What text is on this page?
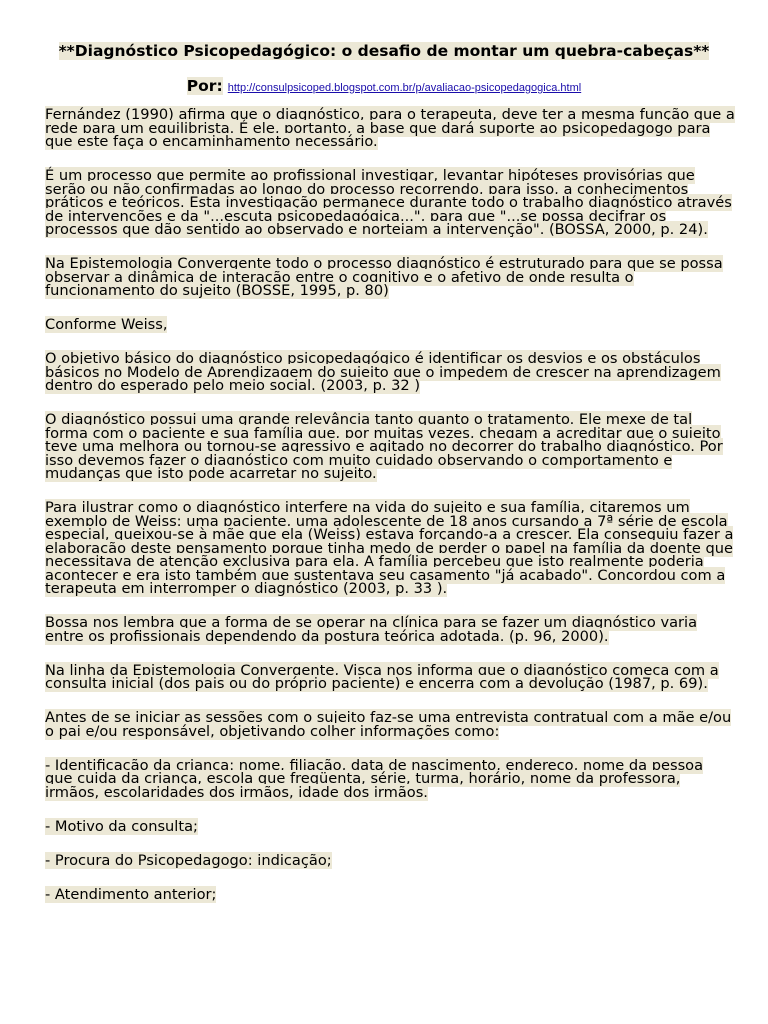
**Diagnóstico Psicopedagógico: o desafio de montar um quebra-cabeças**
Por: http://consulpsicoped.blogspot.com.br/p/avaliacao-psicopedagogica.html

Fernández (1990) afirma que o diagnóstico, para o terapeuta, deve ter a mesma função que a rede para um equilibrista. É ele, portanto, a base que dará suporte ao psicopedagogo para que este faça o encaminhamento necessário.

É um processo que permite ao profissional investigar, levantar hipóteses provisórias que serão ou não confirmadas ao longo do processo recorrendo, para isso, a conhecimentos práticos e teóricos. Esta investigação permanece durante todo o trabalho diagnóstico através de intervenções e da "...escuta psicopedagógica...", para que "...se possa decifrar os processos que dão sentido ao observado e norteiam a intervenção". (BOSSA, 2000, p. 24).

Na Epistemologia Convergente todo o processo diagnóstico é estruturado para que se possa observar a dinâmica de interação entre o cognitivo e o afetivo de onde resulta o funcionamento do sujeito (BOSSE, 1995, p. 80)

Conforme Weiss,

O objetivo básico do diagnóstico psicopedagógico é identificar os desvios e os obstáculos básicos no Modelo de Aprendizagem do sujeito que o impedem de crescer na aprendizagem dentro do esperado pelo meio social. (2003, p. 32 )

O diagnóstico possui uma grande relevância tanto quanto o tratamento. Ele mexe de tal forma com o paciente e sua família que, por muitas vezes, chegam a acreditar que o sujeito teve uma melhora ou tornou-se agressivo e agitado no decorrer do trabalho diagnóstico. Por isso devemos fazer o diagnóstico com muito cuidado observando o comportamento e mudanças que isto pode acarretar no sujeito.

Para ilustrar como o diagnóstico interfere na vida do sujeito e sua família, citaremos um exemplo de Weiss: uma paciente, uma adolescente de 18 anos cursando a 7ª série de escola especial, queixou-se à mãe que ela (Weiss) estava forçando-a a crescer. Ela conseguiu fazer a elaboração deste pensamento porque tinha medo de perder o papel na família da doente que necessitava de atenção exclusiva para ela. A família percebeu que isto realmente poderia acontecer e era isto também que sustentava seu casamento "já acabado". Concordou com a terapeuta em interromper o diagnóstico (2003, p. 33 ).

Bossa nos lembra que a forma de se operar na clínica para se fazer um diagnóstico varia entre os profissionais dependendo da postura teórica adotada. (p. 96, 2000).

Na linha da Epistemologia Convergente, Visca nos informa que o diagnóstico começa com a consulta inicial (dos pais ou do próprio paciente) e encerra com a devolução (1987, p. 69).

Antes de se iniciar as sessões com o sujeito faz-se uma entrevista contratual com a mãe e/ou o pai e/ou responsável, objetivando colher informações como:

- Identificação da criança: nome, filiação, data de nascimento, endereço, nome da pessoa que cuida da criança, escola que freqüenta, série, turma, horário, nome da professora, irmãos, escolaridades dos irmãos, idade dos irmãos.

- Motivo da consulta;

- Procura do Psicopedagogo: indicação;

- Atendimento anterior;
